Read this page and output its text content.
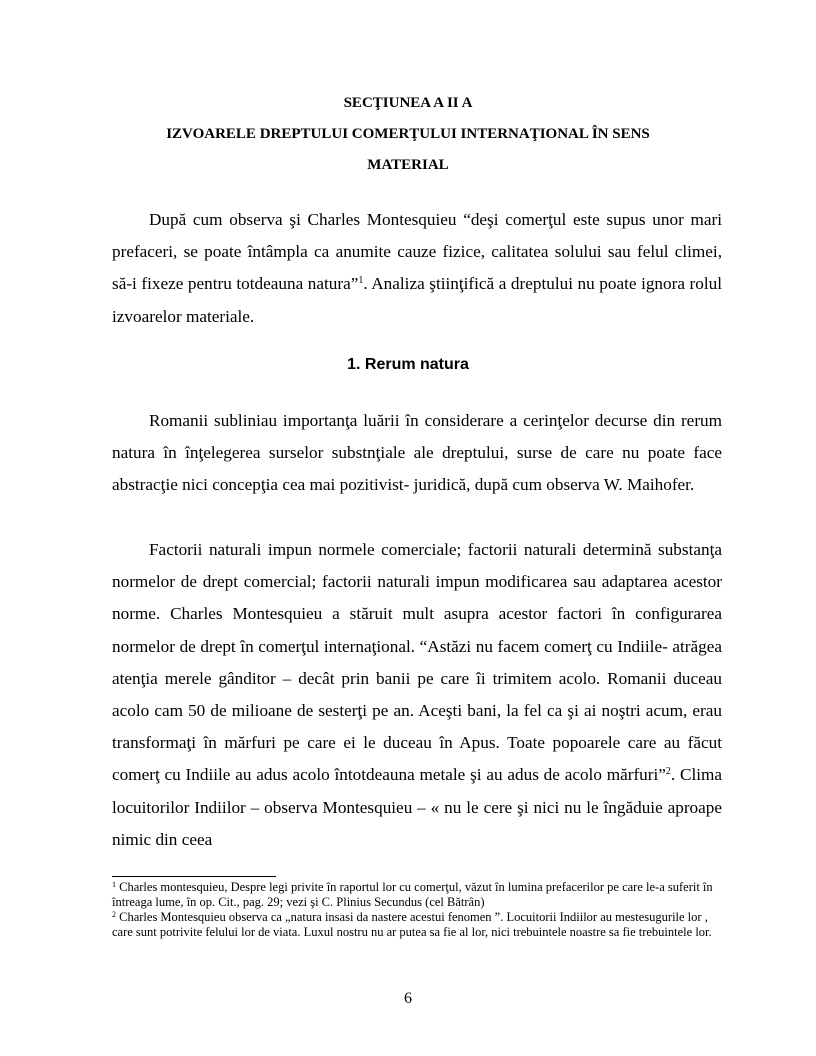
SECŢIUNEA A II A
IZVOARELE DREPTULUI COMERŢULUI INTERNAŢIONAL ÎN SENS
MATERIAL

După cum observa şi Charles Montesquieu “deşi comerţul este supus unor mari prefaceri, se poate întâmpla ca anumite cauze fizice, calitatea solului sau felul climei, să-i fixeze pentru totdeauna natura”$^1$. Analiza ştiinţifică a dreptului nu poate ignora rolul izvoarelor materiale.

1. Rerum natura

Romanii subliniau importanţa luării în considerare a cerinţelor decurse din rerum natura în înţelegerea surselor substnţiale ale dreptului, surse de care nu poate face abstracţie nici concepţia cea mai pozitivist- juridică, după cum observa W. Maihofer.

Factorii naturali impun normele comerciale; factorii naturali determină substanţa normelor de drept comercial; factorii naturali impun modificarea sau adaptarea acestor norme. Charles Montesquieu a stăruit mult asupra acestor factori în configurarea normelor de drept în comerţul internaţional. “Astăzi nu facem comerţ cu Indiile- atrăgea atenţia merele gânditor – decât prin banii pe care îi trimitem acolo. Romanii duceau acolo cam 50 de milioane de sesterţi pe an. Aceşti bani, la fel ca şi ai noştri acum, erau transformaţi în mărfuri pe care ei le duceau în Apus. Toate popoarele care au făcut comerţ cu Indiile au adus acolo întotdeauna metale şi au adus de acolo mărfuri”$^2$. Clima locuitorilor Indiilor – observa Montesquieu – « nu le cere şi nici nu le îngăduie aproape nimic din ceea

$^1$ Charles montesquieu, Despre legi privite în raportul lor cu comerţul, văzut în lumina prefacerilor pe care le-a suferit în întreaga lume, în op. Cit., pag. 29; vezi şi C. Plinius Secundus (cel Bătrân)

$^2$ Charles Montesquieu observa ca „natura insasi da nastere acestui fenomen ”. Locuitorii Indiilor au mestesugurile lor , care sunt potrivite felului lor de viata. Luxul nostru nu ar putea sa fie al lor, nici trebuintele noastre sa fie trebuintele lor.

6
